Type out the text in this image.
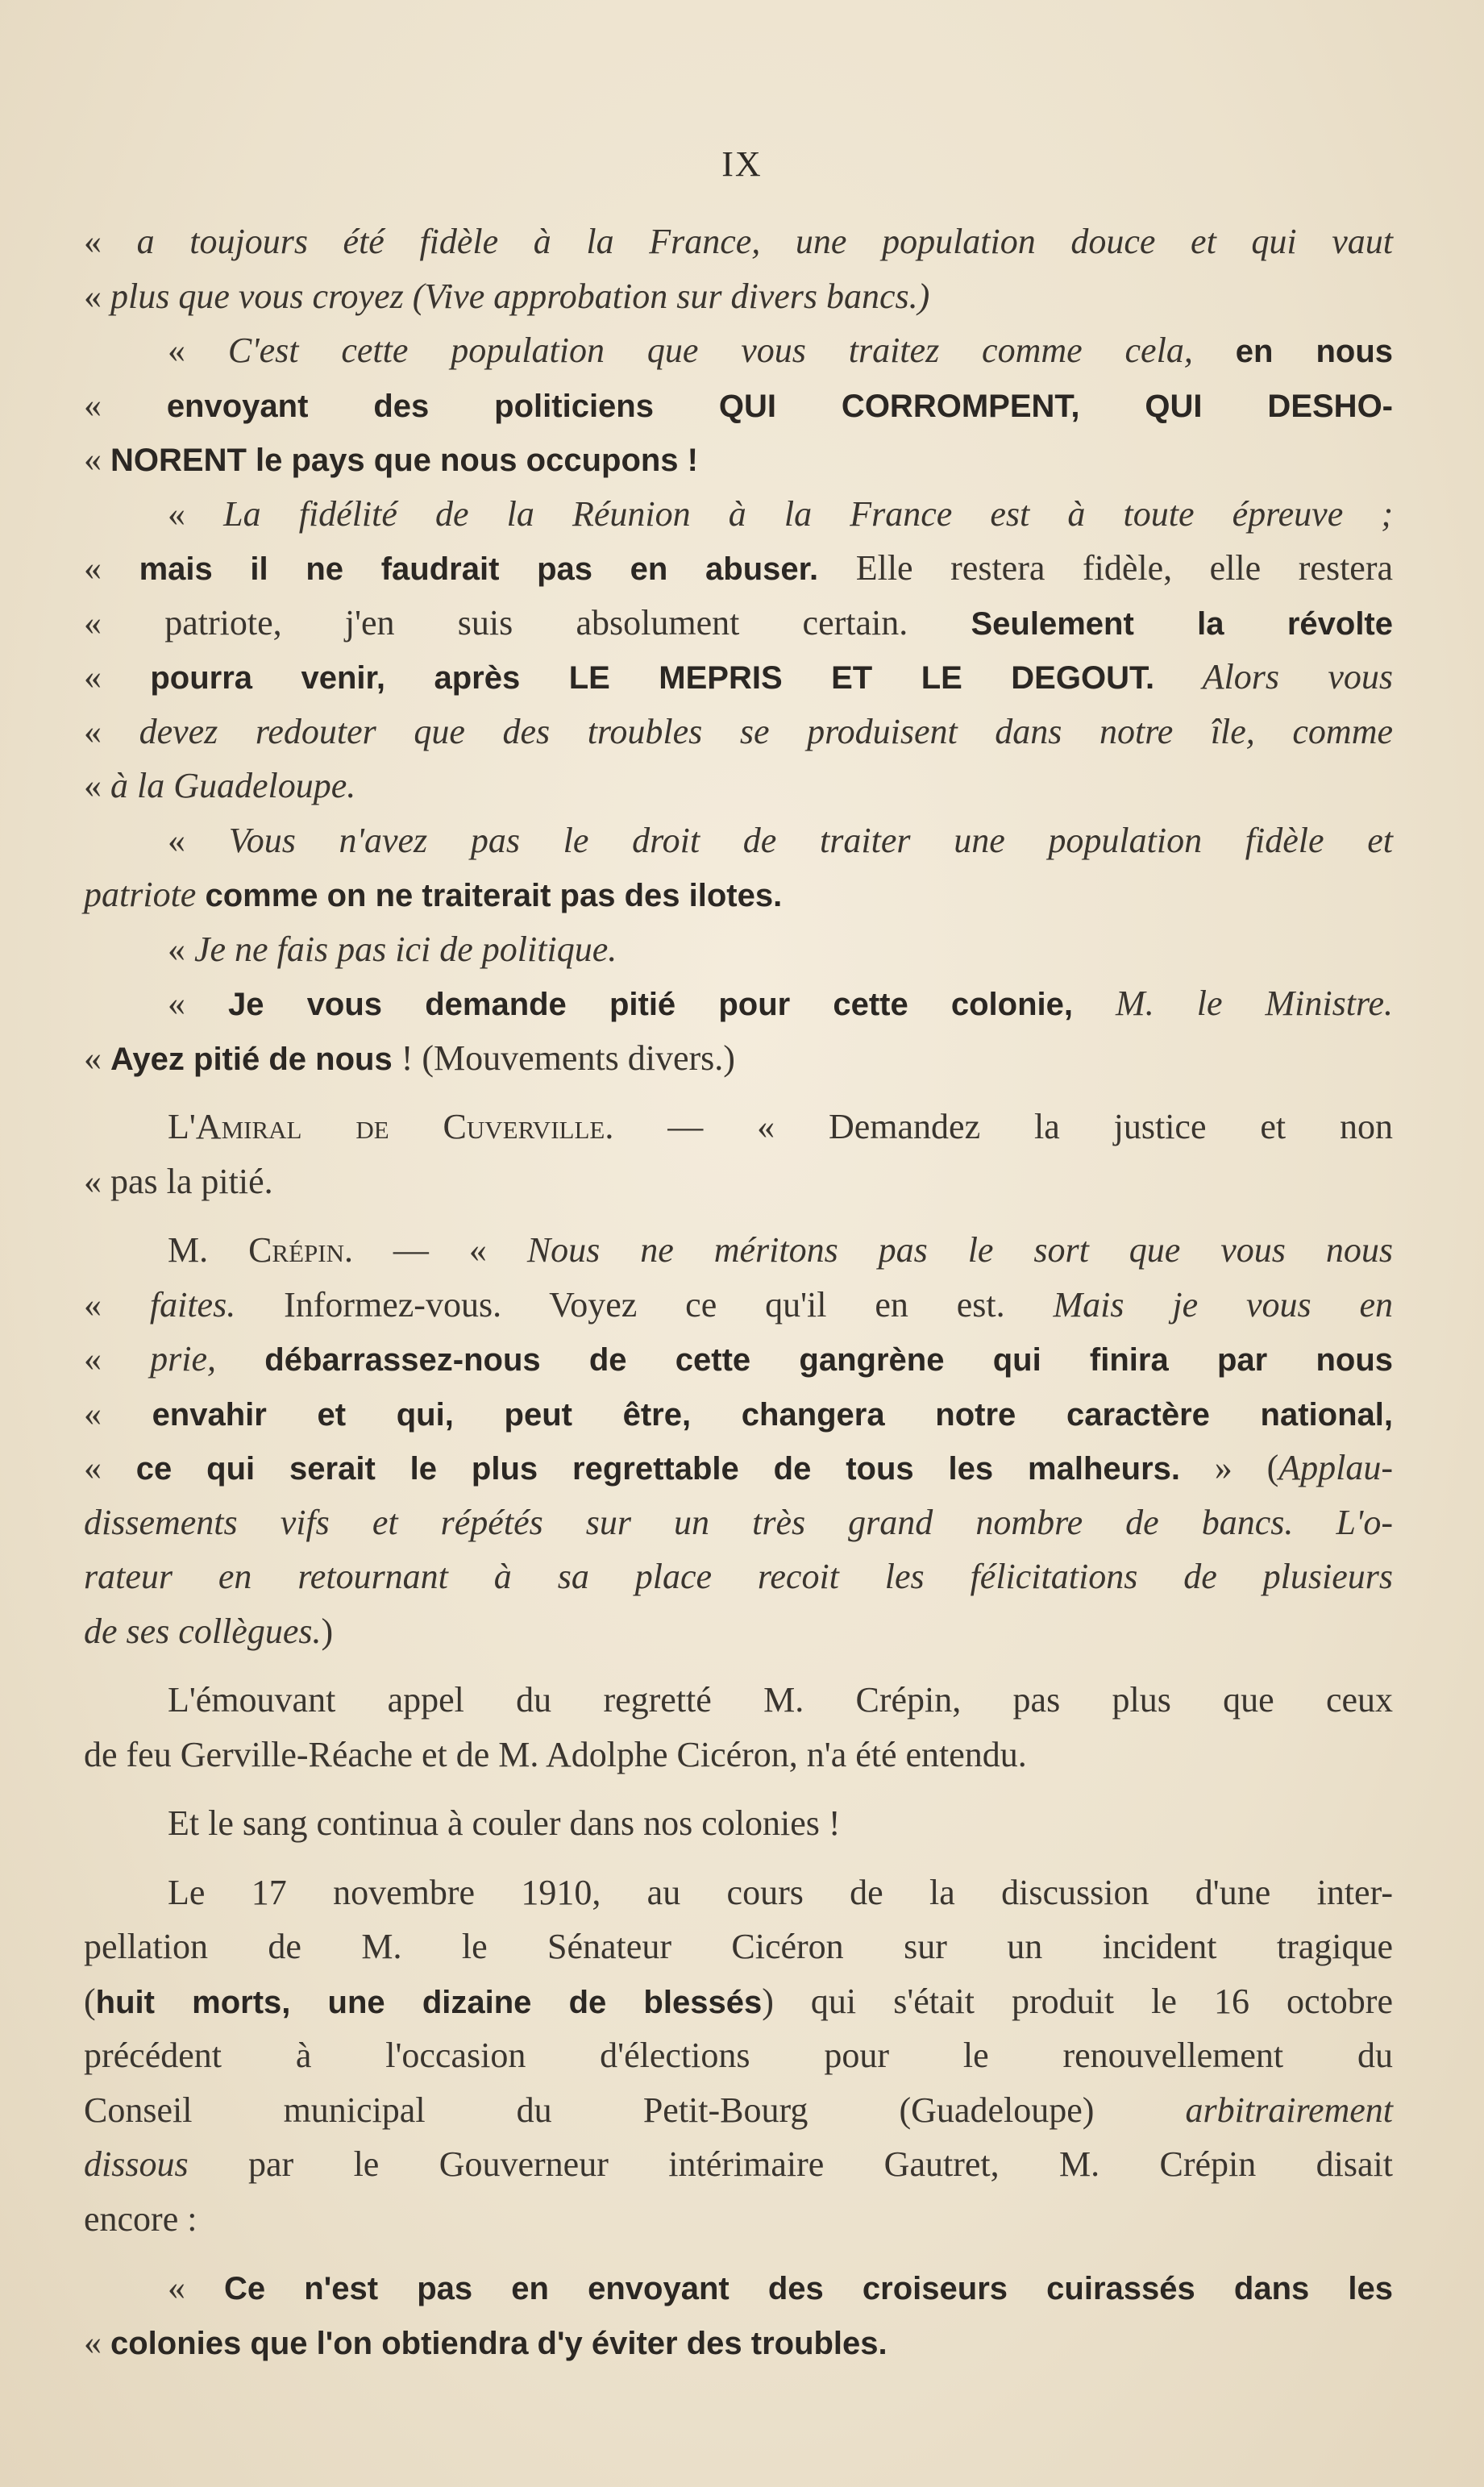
IX
« a toujours été fidèle à la France, une population douce et qui vaut
« plus que vous croyez (Vive approbation sur divers bancs.)
« C'est cette population que vous traitez comme cela, en nous
« envoyant des politiciens QUI CORROMPENT, QUI DESHO-
« NORENT le pays que nous occupons !
« La fidélité de la Réunion à la France est à toute épreuve ;
« mais il ne faudrait pas en abuser. Elle restera fidèle, elle restera
« patriote, j'en suis absolument certain. Seulement la révolte
« pourra venir, après LE MEPRIS ET LE DEGOUT. Alors vous
« devez redouter que des troubles se produisent dans notre île, comme
« à la Guadeloupe.
« Vous n'avez pas le droit de traiter une population fidèle et
patriote comme on ne traiterait pas des ilotes.
« Je ne fais pas ici de politique.
« Je vous demande pitié pour cette colonie, M. le Ministre.
« Ayez pitié de nous ! (Mouvements divers.)
L'Amiral de Cuverville. — « Demandez la justice et non
« pas la pitié.
M. Crépin. — « Nous ne méritons pas le sort que vous nous
« faites. Informez-vous. Voyez ce qu'il en est. Mais je vous en
« prie, débarrassez-nous de cette gangrène qui finira par nous
« envahir et qui, peut être, changera notre caractère national,
« ce qui serait le plus regrettable de tous les malheurs. » (Applau-
dissements vifs et répétés sur un très grand nombre de bancs. L'o-
rateur en retournant à sa place recoit les félicitations de plusieurs
de ses collègues.)
L'émouvant appel du regretté M. Crépin, pas plus que ceux
de feu Gerville-Réache et de M. Adolphe Cicéron, n'a été entendu.
Et le sang continua à couler dans nos colonies !
Le 17 novembre 1910, au cours de la discussion d'une inter-
pellation de M. le Sénateur Cicéron sur un incident tragique
(huit morts, une dizaine de blessés) qui s'était produit le 16 octobre
précédent à l'occasion d'élections pour le renouvellement du
Conseil municipal du Petit-Bourg (Guadeloupe) arbitrairement
dissous par le Gouverneur intérimaire Gautret, M. Crépin disait
encore :
« Ce n'est pas en envoyant des croiseurs cuirassés dans les
« colonies que l'on obtiendra d'y éviter des troubles.
